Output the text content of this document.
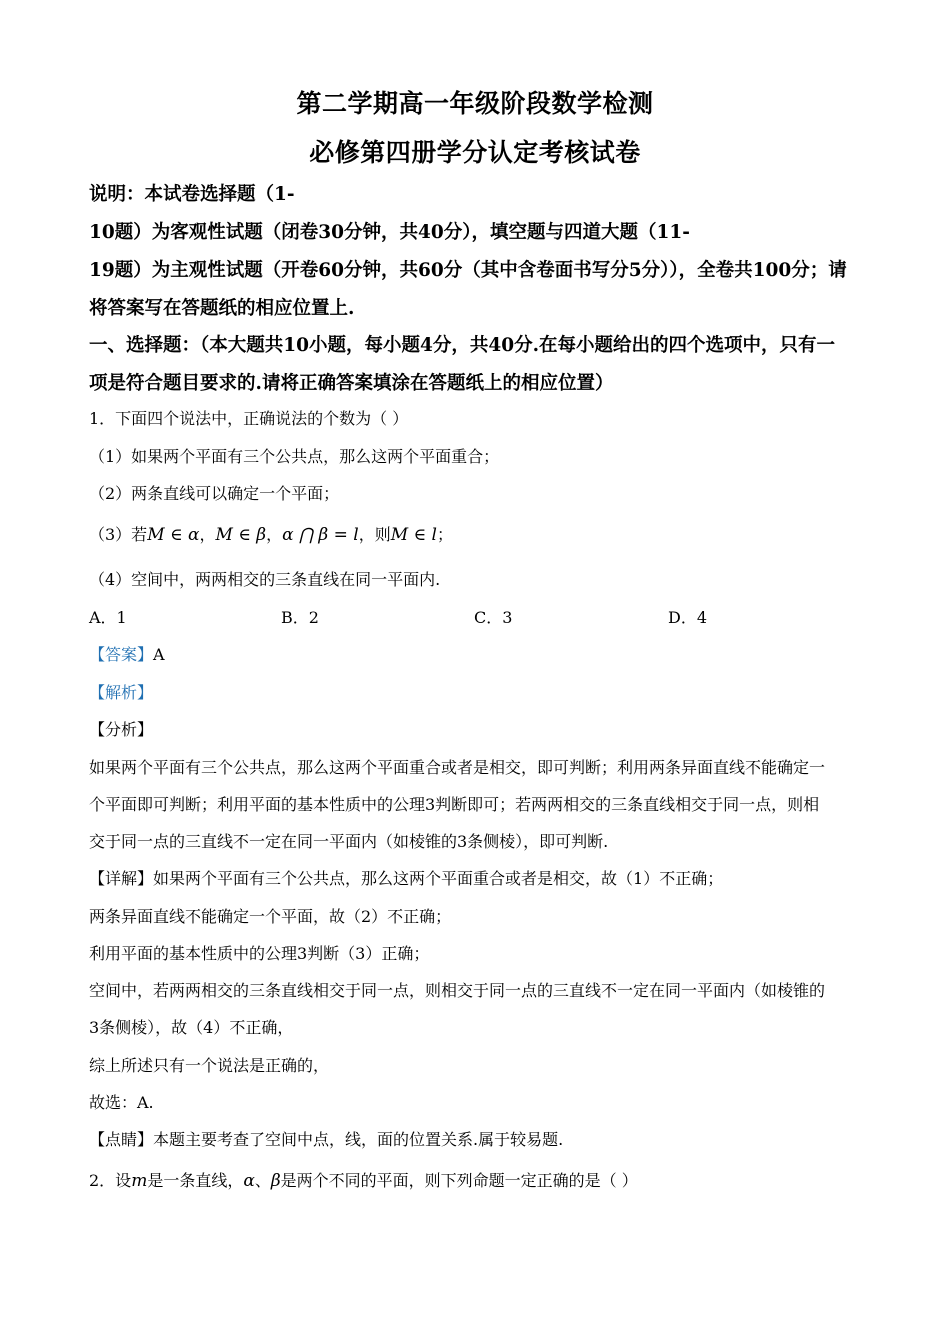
第二学期高一年级阶段数学检测
必修第四册学分认定考核试卷
说明：本试卷选择题（1-
10题）为客观性试题（闭卷30分钟，共40分），填空题与四道大题（11-
19题）为主观性试题（开卷60分钟，共60分（其中含卷面书写分5分）），全卷共100分；请
将答案写在答题纸的相应位置上.
一、选择题：（本大题共10小题，每小题4分，共40分.在每小题给出的四个选项中，只有一
项是符合题目要求的.请将正确答案填涂在答题纸上的相应位置）
1．下面四个说法中，正确说法的个数为（ ）
（1）如果两个平面有三个公共点，那么这两个平面重合；
（2）两条直线可以确定一个平面；
（3）若M ∈ α，M ∈ β，α ⋂ β = l，则M ∈ l；
（4）空间中，两两相交的三条直线在同一平面内.
A．1	B．2	C．3	D．4
【答案】A
【解析】
【分析】
如果两个平面有三个公共点，那么这两个平面重合或者是相交，即可判断；利用两条异面直线不能确定一
个平面即可判断；利用平面的基本性质中的公理3判断即可；若两两相交的三条直线相交于同一点，则相
交于同一点的三直线不一定在同一平面内（如棱锥的3条侧棱），即可判断.
【详解】如果两个平面有三个公共点，那么这两个平面重合或者是相交，故（1）不正确；
两条异面直线不能确定一个平面，故（2）不正确；
利用平面的基本性质中的公理3判断（3）正确；
空间中，若两两相交的三条直线相交于同一点，则相交于同一点的三直线不一定在同一平面内（如棱锥的
3条侧棱），故（4）不正确，
综上所述只有一个说法是正确的，
故选：A.
【点睛】本题主要考查了空间中点，线，面的位置关系.属于较易题.
2．设m是一条直线，α、β是两个不同的平面，则下列命题一定正确的是（ ）
